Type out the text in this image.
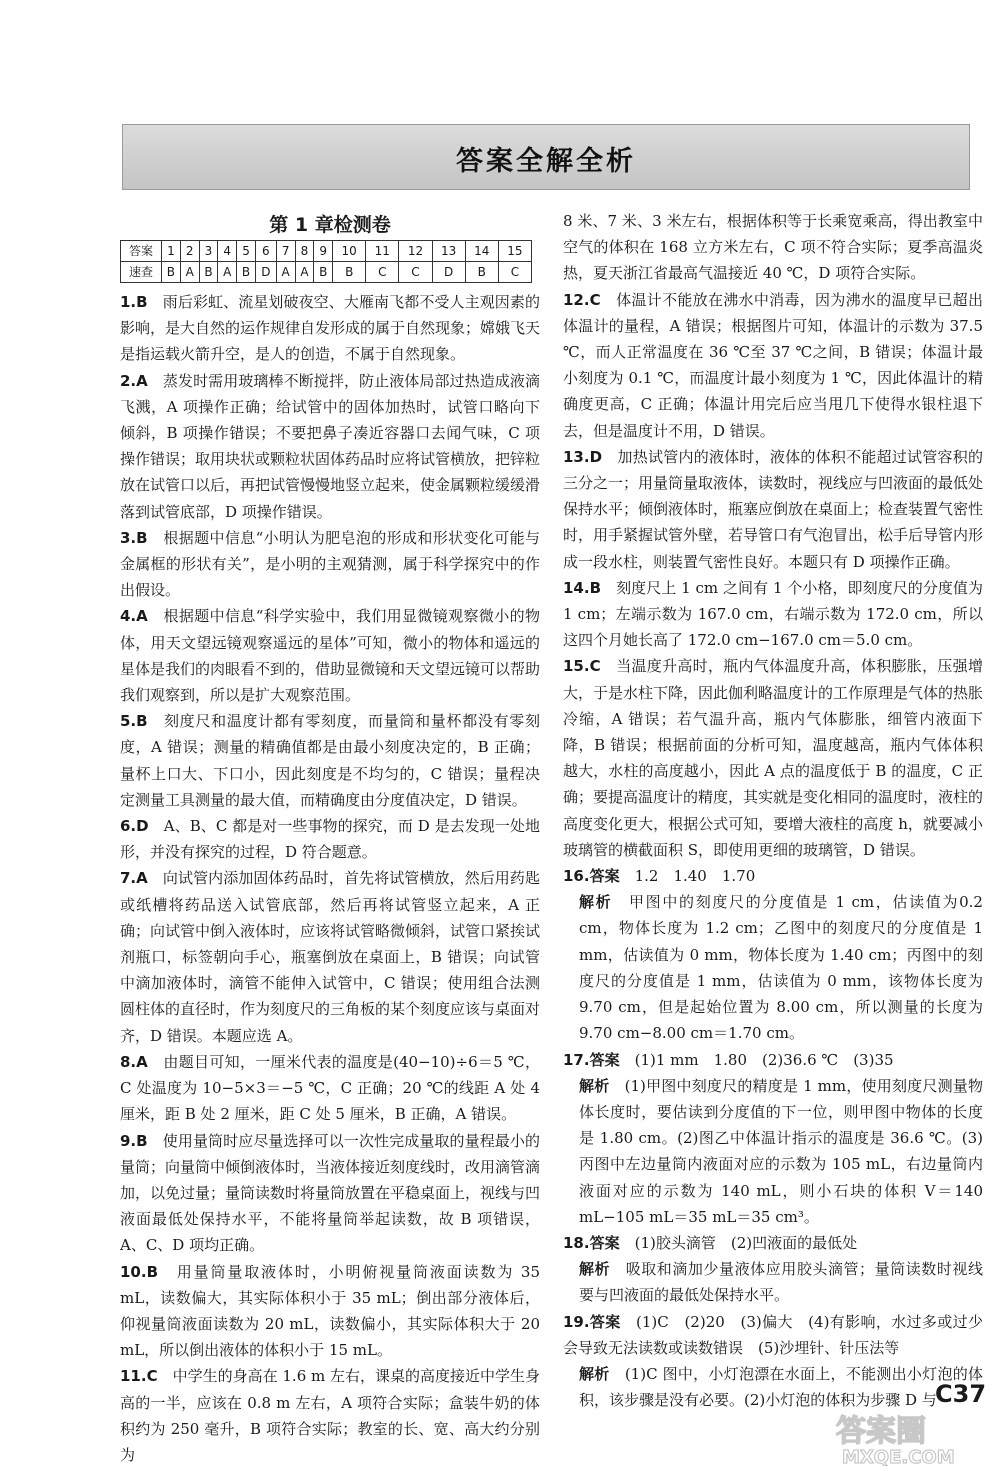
答案全解全析
第 1 章检测卷
答案	1	2	3	4	5	6	7	8	9	10	11	12	13	14	15
速查	B	A	B	A	B	D	A	A	B	B	C	C	D	B	C

1.B　 雨后彩虹、流星划破夜空、大雁南飞都不受人主观因素的影响，是大自然的运作规律自发形成的属于自然现象；嫦娥飞天是指运载火箭升空，是人的创造，不属于自然现象。

2.A　 蒸发时需用玻璃棒不断搅拌，防止液体局部过热造成液滴飞溅，A 项操作正确；给试管中的固体加热时，试管口略向下倾斜，B 项操作错误；不要把鼻子凑近容器口去闻气味，C 项操作错误；取用块状或颗粒状固体药品时应将试管横放，把锌粒放在试管口以后，再把试管慢慢地竖立起来，使金属颗粒缓缓滑落到试管底部，D 项操作错误。

3.B　 根据题中信息“小明认为肥皂泡的形成和形状变化可能与金属框的形状有关”，是小明的主观猜测，属于科学探究中的作出假设。

4.A　 根据题中信息“科学实验中，我们用显微镜观察微小的物体，用天文望远镜观察遥远的星体”可知，微小的物体和遥远的星体是我们的肉眼看不到的，借助显微镜和天文望远镜可以帮助我们观察到，所以是扩大观察范围。

5.B　 刻度尺和温度计都有零刻度，而量筒和量杯都没有零刻度，A 错误；测量的精确值都是由最小刻度决定的，B 正确；量杯上口大、下口小，因此刻度是不均匀的，C 错误；量程决定测量工具测量的最大值，而精确度由分度值决定，D 错误。

6.D　 A、B、C 都是对一些事物的探究，而 D 是去发现一处地形，并没有探究的过程，D 符合题意。

7.A　 向试管内添加固体药品时，首先将试管横放，然后用药匙或纸槽将药品送入试管底部，然后再将试管竖立起来，A 正确；向试管中倒入液体时，应该将试管略微倾斜，试管口紧挨试剂瓶口，标签朝向手心，瓶塞倒放在桌面上，B 错误；向试管中滴加液体时，滴管不能伸入试管中，C 错误；使用组合法测圆柱体的直径时，作为刻度尺的三角板的某个刻度应该与桌面对齐，D 错误。本题应选 A。

8.A　 由题目可知，一厘米代表的温度是(40−10)÷6＝5 ℃，C 处温度为 10−5×3＝−5 ℃，C 正确；20 ℃的线距 A 处 4 厘米，距 B 处 2 厘米，距 C 处 5 厘米，B 正确，A 错误。

9.B　 使用量筒时应尽量选择可以一次性完成量取的量程最小的量筒；向量筒中倾倒液体时，当液体接近刻度线时，改用滴管滴加，以免过量；量筒读数时将量筒放置在平稳桌面上，视线与凹液面最低处保持水平，不能将量筒举起读数，故 B 项错误，A、C、D 项均正确。

10.B　 用量筒量取液体时，小明俯视量筒液面读数为 35 mL，读数偏大，其实际体积小于 35 mL；倒出部分液体后，仰视量筒液面读数为 20 mL，读数偏小，其实际体积大于 20 mL，所以倒出液体的体积小于 15 mL。

11.C　 中学生的身高在 1.6 m 左右，课桌的高度接近中学生身高的一半，应该在 0.8 m 左右，A 项符合实际；盒装牛奶的体积约为 250 毫升，B 项符合实际；教室的长、宽、高大约分别为

8 米、7 米、3 米左右，根据体积等于长乘宽乘高，得出教室中空气的体积在 168 立方米左右，C 项不符合实际；夏季高温炎热，夏天浙江省最高气温接近 40 ℃，D 项符合实际。

12.C　 体温计不能放在沸水中消毒，因为沸水的温度早已超出体温计的量程，A 错误；根据图片可知，体温计的示数为 37.5 ℃，而人正常温度在 36 ℃至 37 ℃之间，B 错误；体温计最小刻度为 0.1 ℃，而温度计最小刻度为 1 ℃，因此体温计的精确度更高，C 正确；体温计用完后应当甩几下使得水银柱退下去，但是温度计不用，D 错误。

13.D　 加热试管内的液体时，液体的体积不能超过试管容积的三分之一；用量筒量取液体，读数时，视线应与凹液面的最低处保持水平；倾倒液体时，瓶塞应倒放在桌面上；检查装置气密性时，用手紧握试管外壁，若导管口有气泡冒出，松手后导管内形成一段水柱，则装置气密性良好。本题只有 D 项操作正确。

14.B　 刻度尺上 1 cm 之间有 1 个小格，即刻度尺的分度值为 1 cm；左端示数为 167.0 cm，右端示数为 172.0 cm，所以这四个月她长高了 172.0 cm−167.0 cm＝5.0 cm。

15.C　 当温度升高时，瓶内气体温度升高，体积膨胀，压强增大，于是水柱下降，因此伽利略温度计的工作原理是气体的热胀冷缩，A 错误；若气温升高，瓶内气体膨胀，细管内液面下降，B 错误；根据前面的分析可知，温度越高，瓶内气体体积越大，水柱的高度越小，因此 A 点的温度低于 B 的温度，C 正确；要提高温度计的精度，其实就是变化相同的温度时，液柱的高度变化更大，根据公式可知，要增大液柱的高度 h，就要减小玻璃管的横截面积 S，即使用更细的玻璃管，D 错误。

16.答案　 1.2　1.40　1.70

解析　 甲图中的刻度尺的分度值是 1 cm，估读值为0.2 cm，物体长度为 1.2 cm；乙图中的刻度尺的分度值是 1 mm，估读值为 0 mm，物体长度为 1.40 cm；丙图中的刻度尺的分度值是 1 mm，估读值为 0 mm，该物体长度为 9.70 cm，但是起始位置为 8.00 cm，所以测量的长度为 9.70 cm−8.00 cm＝1.70 cm。

17.答案　 (1)1 mm　1.80　(2)36.6 ℃　(3)35

解析　 (1)甲图中刻度尺的精度是 1 mm，使用刻度尺测量物体长度时，要估读到分度值的下一位，则甲图中物体的长度是 1.80 cm。(2)图乙中体温计指示的温度是 36.6 ℃。(3)丙图中左边量筒内液面对应的示数为 105 mL，右边量筒内液面对应的示数为 140 mL，则小石块的体积 V＝140 mL−105 mL＝35 mL＝35 cm³。

18.答案　 (1)胶头滴管　(2)凹液面的最低处

解析　 吸取和滴加少量液体应用胶头滴管；量筒读数时视线要与凹液面的最低处保持水平。

19.答案　 (1)C　(2)20　(3)偏大　(4)有影响，水过多或过少会导致无法读数或读数错误　(5)沙埋针、针压法等

解析　 (1)C 图中，小灯泡漂在水面上，不能测出小灯泡的体积，该步骤是没有必要。(2)小灯泡的体积为步骤 D 与

C37
答案圈
MXQE.COM
